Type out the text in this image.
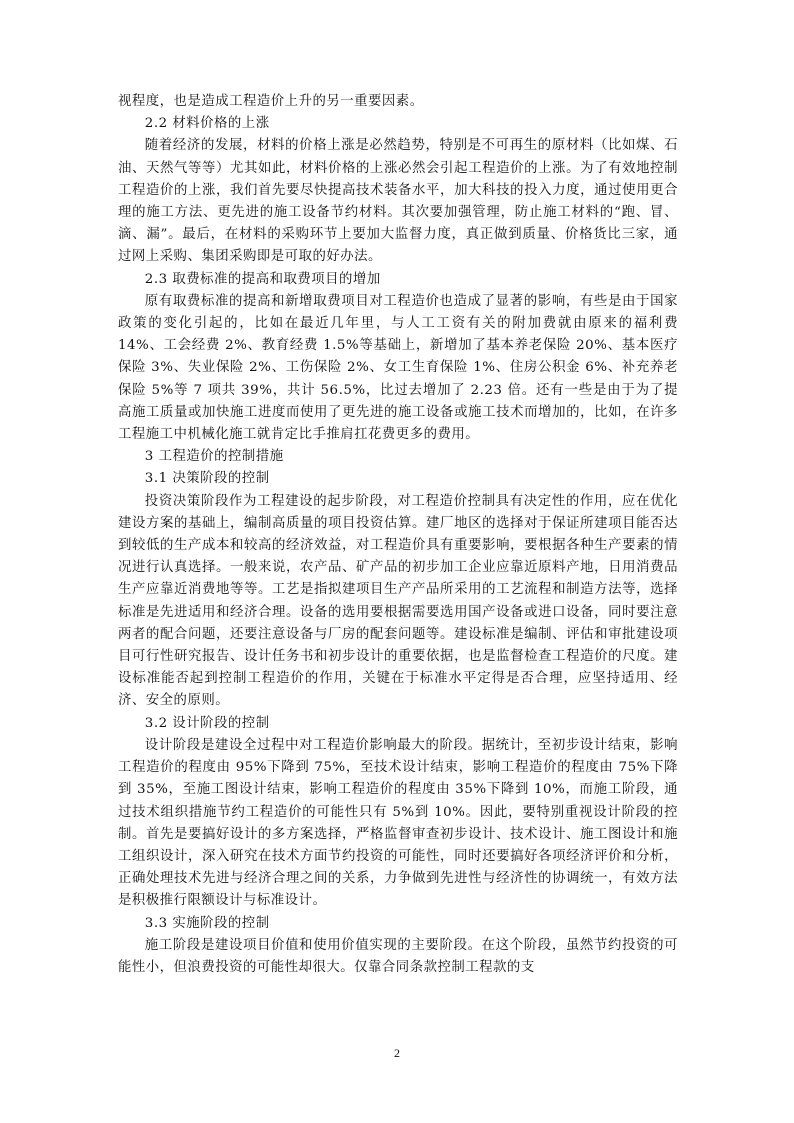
视程度，也是造成工程造价上升的另一重要因素。

2.2 材料价格的上涨

随着经济的发展，材料的价格上涨是必然趋势，特别是不可再生的原材料（比如煤、石油、天然气等等）尤其如此，材料价格的上涨必然会引起工程造价的上涨。为了有效地控制工程造价的上涨，我们首先要尽快提高技术装备水平，加大科技的投入力度，通过使用更合理的施工方法、更先进的施工设备节约材料。其次要加强管理，防止施工材料的“跑、冒、滴、漏”。最后，在材料的采购环节上要加大监督力度，真正做到质量、价格货比三家，通过网上采购、集团采购即是可取的好办法。

2.3 取费标准的提高和取费项目的增加

原有取费标准的提高和新增取费项目对工程造价也造成了显著的影响，有些是由于国家政策的变化引起的，比如在最近几年里，与人工工资有关的附加费就由原来的福利费 14%、工会经费 2%、教育经费 1.5%等基础上，新增加了基本养老保险 20%、基本医疗保险 3%、失业保险 2%、工伤保险 2%、女工生育保险 1%、住房公积金 6%、补充养老保险 5%等 7 项共 39%，共计 56.5%，比过去增加了 2.23 倍。还有一些是由于为了提高施工质量或加快施工进度而使用了更先进的施工设备或施工技术而增加的，比如，在许多工程施工中机械化施工就肯定比手推肩扛花费更多的费用。

3 工程造价的控制措施

3.1 决策阶段的控制

投资决策阶段作为工程建设的起步阶段，对工程造价控制具有决定性的作用，应在优化建设方案的基础上，编制高质量的项目投资估算。建厂地区的选择对于保证所建项目能否达到较低的生产成本和较高的经济效益，对工程造价具有重要影响，要根据各种生产要素的情况进行认真选择。一般来说，农产品、矿产品的初步加工企业应靠近原料产地，日用消费品生产应靠近消费地等等。工艺是指拟建项目生产产品所采用的工艺流程和制造方法等，选择标准是先进适用和经济合理。设备的选用要根据需要选用国产设备或进口设备，同时要注意两者的配合问题，还要注意设备与厂房的配套问题等。建设标准是编制、评估和审批建设项目可行性研究报告、设计任务书和初步设计的重要依据，也是监督检查工程造价的尺度。建设标准能否起到控制工程造价的作用，关键在于标准水平定得是否合理，应坚持适用、经济、安全的原则。

3.2 设计阶段的控制

设计阶段是建设全过程中对工程造价影响最大的阶段。据统计，至初步设计结束，影响工程造价的程度由 95%下降到 75%，至技术设计结束，影响工程造价的程度由 75%下降到 35%，至施工图设计结束，影响工程造价的程度由 35%下降到 10%，而施工阶段，通过技术组织措施节约工程造价的可能性只有 5%到 10%。因此，要特别重视设计阶段的控制。首先是要搞好设计的多方案选择，严格监督审查初步设计、技术设计、施工图设计和施工组织设计，深入研究在技术方面节约投资的可能性，同时还要搞好各项经济评价和分析，正确处理技术先进与经济合理之间的关系，力争做到先进性与经济性的协调统一，有效方法是积极推行限额设计与标准设计。

3.3 实施阶段的控制

施工阶段是建设项目价值和使用价值实现的主要阶段。在这个阶段，虽然节约投资的可能性小，但浪费投资的可能性却很大。仅靠合同条款控制工程款的支

2
